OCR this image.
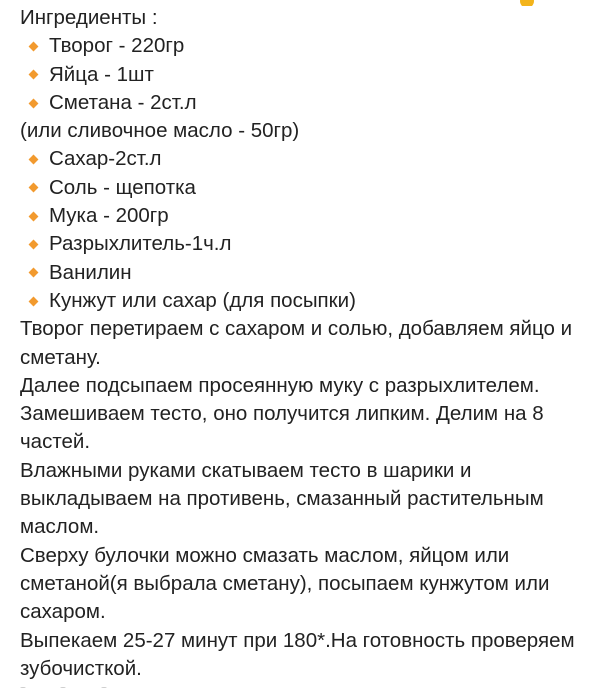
Ингредиенты :

Творог - 220гр
Яйца - 1шт
Сметана - 2ст.л

(или сливочное масло - 50гр)

Сахар-2ст.л
Соль - щепотка
Мука - 200гр
Разрыхлитель-1ч.л
Ванилин
Кунжут или сахар (для посыпки)

Творог перетираем с сахаром и солью, добавляем яйцо и сметану.

Далее подсыпаем просеянную муку с разрыхлителем. Замешиваем тесто, оно получится липким. Делим на 8 частей.

Влажными руками скатываем тесто в шарики и выкладываем на противень, смазанный растительным маслом.

Сверху булочки можно смазать маслом, яйцом или сметаной(я выбрала сметану), посыпаем кунжутом или сахаром.

Выпекаем 25-27 минут при 180*.На готовность проверяем зубочисткой.
